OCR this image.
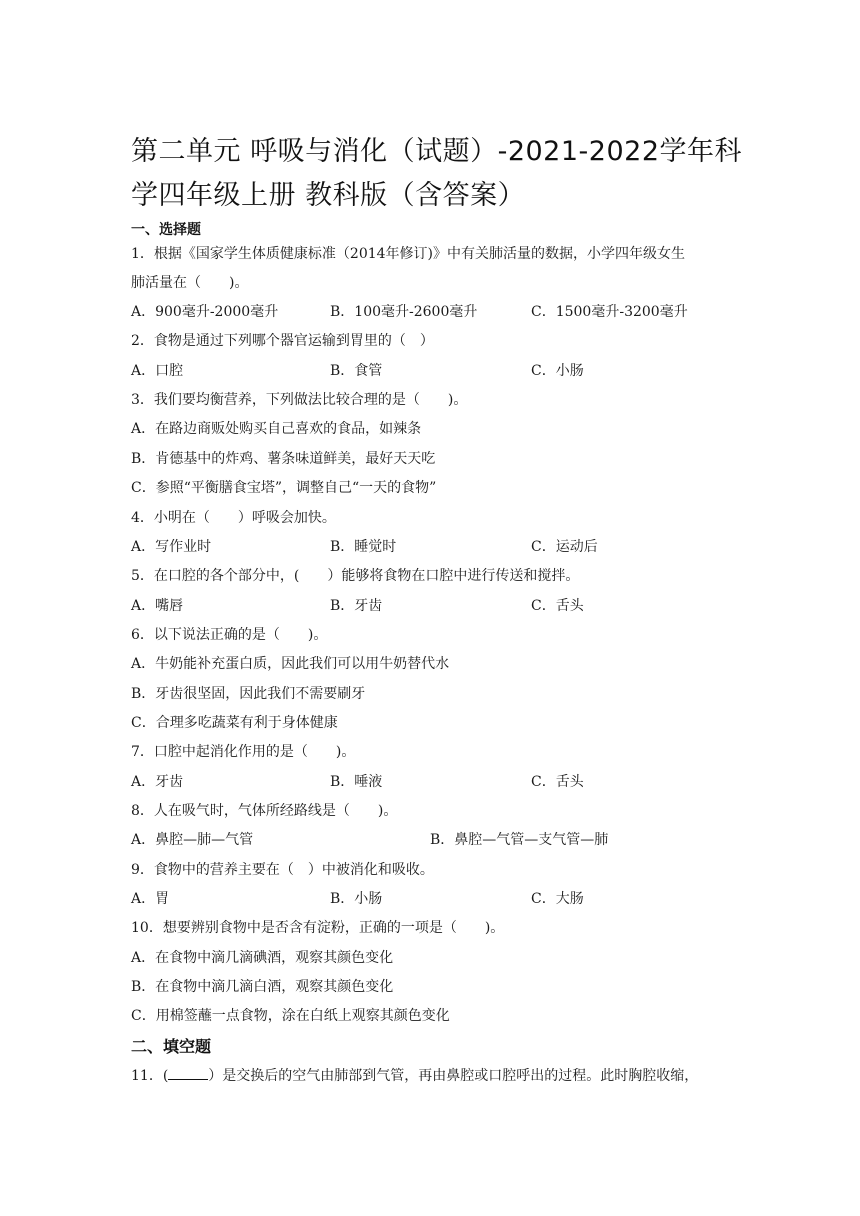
第二单元 呼吸与消化（试题）-2021-2022学年科学四年级上册 教科版（含答案）
一、选择题
1．根据《国家学生体质健康标准（2014年修订)》中有关肺活量的数据，小学四年级女生
肺活量在（　　)。
A．900毫升-2000毫升	B．100毫升-2600毫升	C．1500毫升-3200毫升
2．食物是通过下列哪个器官运输到胃里的（　）
A．口腔	B．食管	C．小肠
3．我们要均衡营养，下列做法比较合理的是（　　)。
A．在路边商贩处购买自己喜欢的食品，如辣条
B．肯德基中的炸鸡、薯条味道鲜美，最好天天吃
C．参照“平衡膳食宝塔”，调整自己“一天的食物”
4．小明在（　　）呼吸会加快。
A．写作业时	B．睡觉时	C．运动后
5．在口腔的各个部分中，(　　）能够将食物在口腔中进行传送和搅拌。
A．嘴唇	B．牙齿	C．舌头
6．以下说法正确的是（　　)。
A．牛奶能补充蛋白质，因此我们可以用牛奶替代水
B．牙齿很坚固，因此我们不需要刷牙
C．合理多吃蔬菜有利于身体健康
7．口腔中起消化作用的是（　　)。
A．牙齿	B．唾液	C．舌头
8．人在吸气时，气体所经路线是（　　)。
A．鼻腔—肺—气管	B．鼻腔—气管—支气管—肺
9．食物中的营养主要在（　）中被消化和吸收。
A．胃	B．小肠	C．大肠
10．想要辨别食物中是否含有淀粉，正确的一项是（　　)。
A．在食物中滴几滴碘酒，观察其颜色变化
B．在食物中滴几滴白酒，观察其颜色变化
C．用棉签蘸一点食物，涂在白纸上观察其颜色变化
二、填空题
11．(	）是交换后的空气由肺部到气管，再由鼻腔或口腔呼出的过程。此时胸腔收缩，
